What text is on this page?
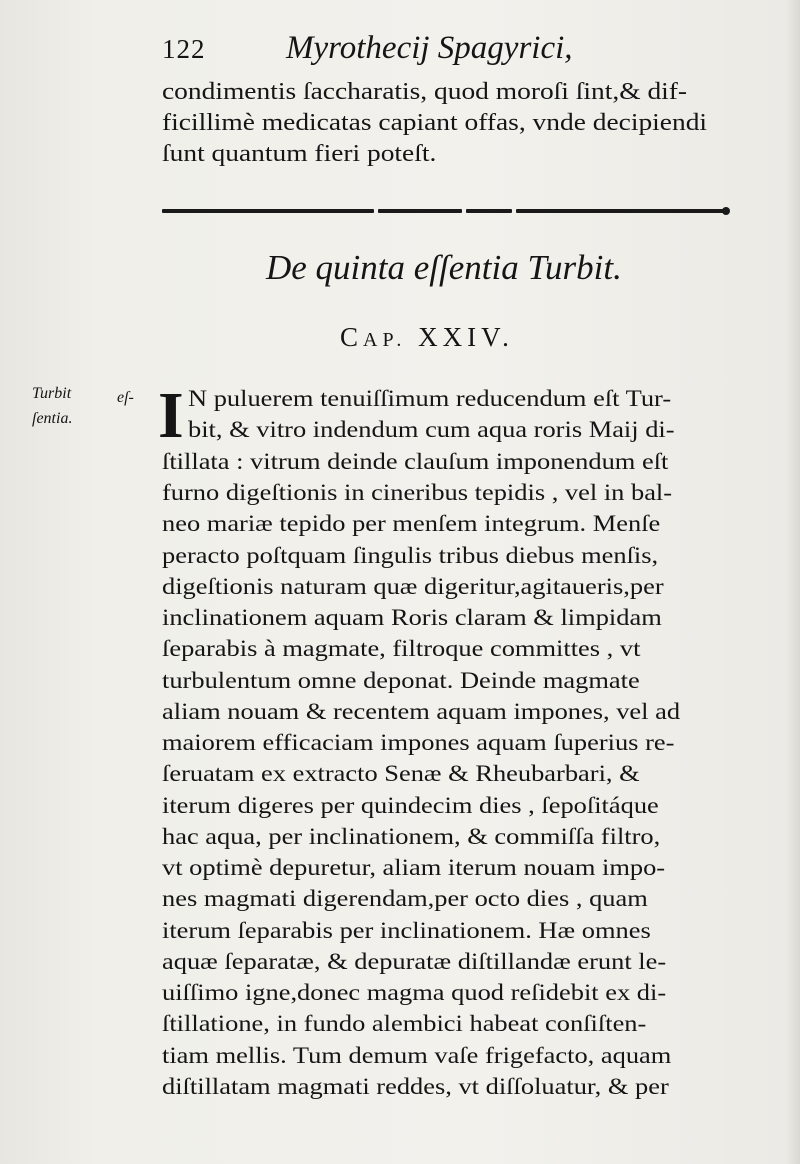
122 Myrothecij Spagyrici,
condimentis ſaccharatis, quod moroſi ſint,& dif-
ficillimè medicatas capiant offas, vnde decipiendi
ſunt quantum fieri poteſt.
De quinta eſſentia Turbit.
CAP. XXIV.
Turbit	eſ-
ſentia. I N puluerem tenuiſſimum reducendum eſt Tur-
bit, & vitro indendum cum aqua roris Maij di-
ſtillata : vitrum deinde clauſum imponendum eſt
furno digeſtionis in cineribus tepidis , vel in bal-
neo mariæ tepido per menſem integrum. Menſe
peracto poſtquam ſingulis tribus diebus menſis,
digeſtionis naturam quæ digeritur,agitaueris,per
inclinationem aquam Roris claram & limpidam
ſeparabis à magmate, filtroque committes , vt
turbulentum omne deponat. Deinde magmate
aliam nouam & recentem aquam impones, vel ad
maiorem efficaciam impones aquam ſuperius re-
ſeruatam ex extracto Senæ & Rheubarbari, &
iterum digeres per quindecim dies , ſepoſitáque
hac aqua, per inclinationem, & commiſſa filtro,
vt optimè depuretur, aliam iterum nouam impo-
nes magmati digerendam,per octo dies , quam
iterum ſeparabis per inclinationem. Hæ omnes
aquæ ſeparatæ, & depuratæ diſtillandæ erunt le-
uiſſimo igne,donec magma quod reſidebit ex di-
ſtillatione, in fundo alembici habeat conſiſten-
tiam mellis. Tum demum vaſe frigefacto, aquam
diſtillatam magmati reddes, vt diſſoluatur, & per
